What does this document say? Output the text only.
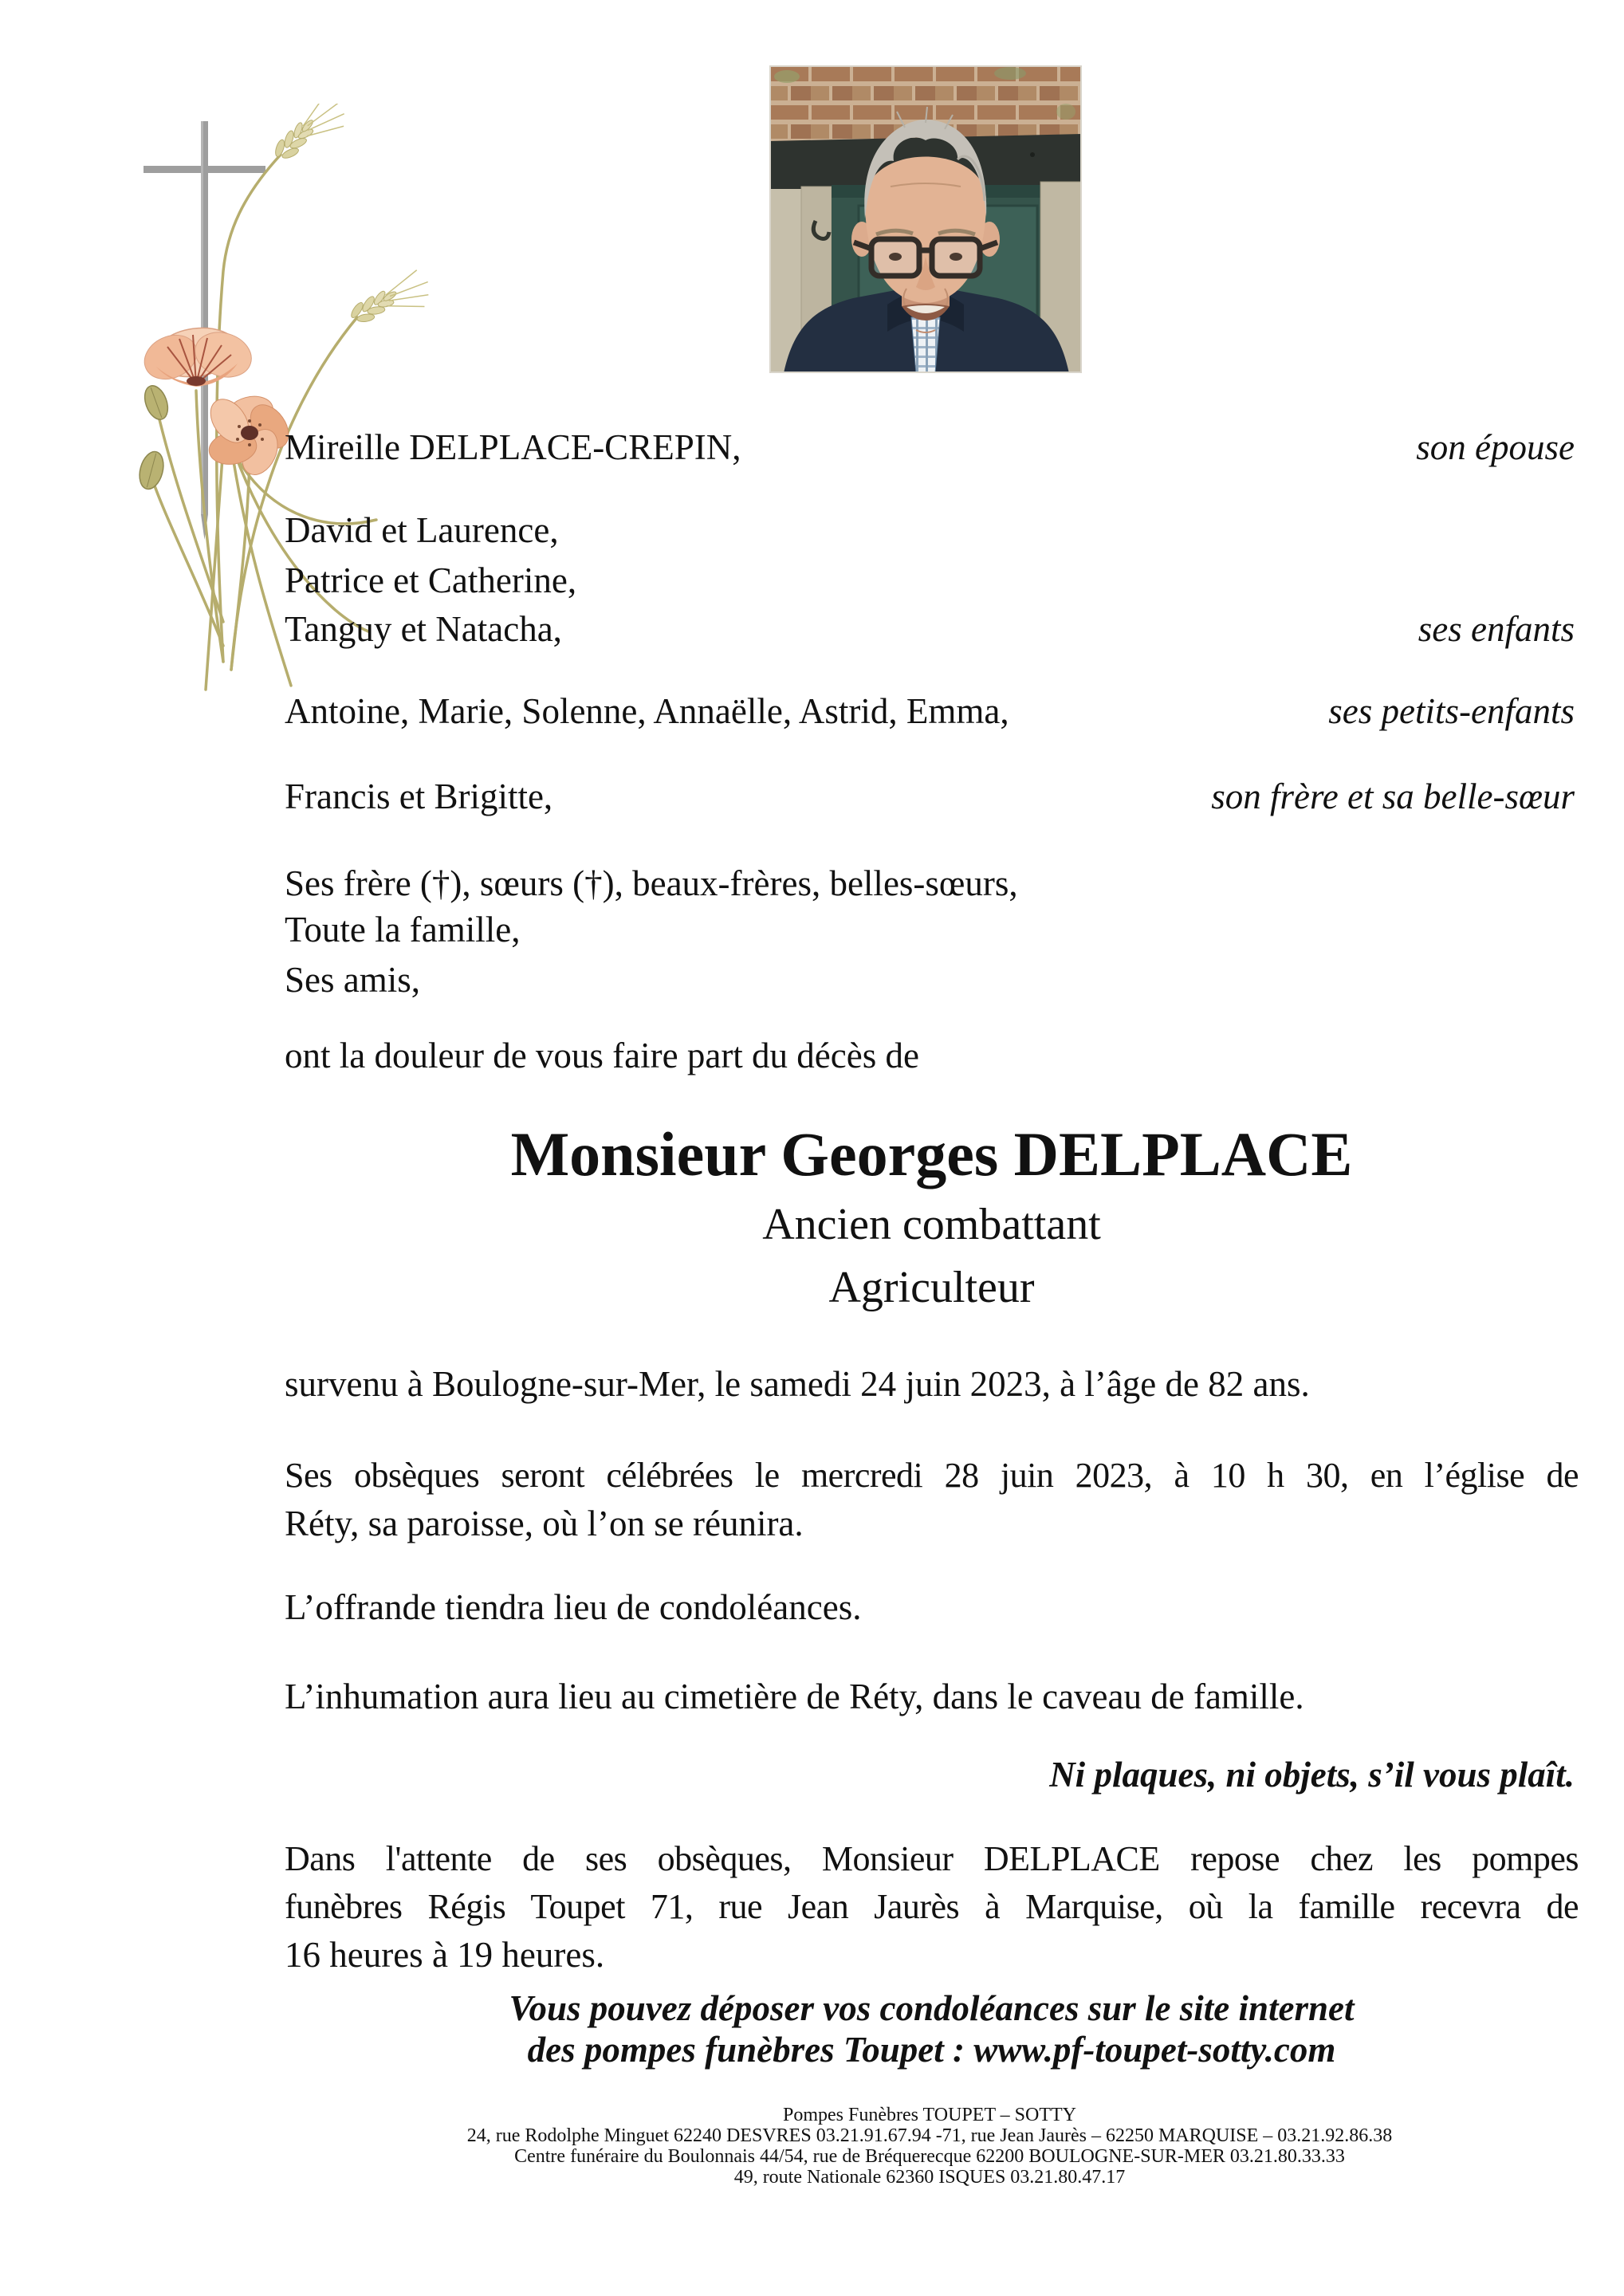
Mireille DELPLACE-CREPIN,	son épouse
David et Laurence,
Patrice et Catherine,
Tanguy et Natacha,	ses enfants
Antoine, Marie, Solenne, Annaëlle, Astrid, Emma,	ses petits-enfants
Francis et Brigitte,	son frère et sa belle-sœur
Ses frère (†), sœurs (†), beaux-frères, belles-sœurs,
Toute la famille,
Ses amis,
ont la douleur de vous faire part du décès de
Monsieur Georges DELPLACE
Ancien combattant
Agriculteur
survenu à Boulogne-sur-Mer, le samedi 24 juin 2023, à l’âge de 82 ans.
Ses obsèques seront célébrées le mercredi 28 juin 2023, à 10 h 30, en l’église de
Réty, sa paroisse, où l’on se réunira.
L’offrande tiendra lieu de condoléances.
L’inhumation aura lieu au cimetière de Réty, dans le caveau de famille.
Ni plaques, ni objets, s’il vous plaît.
Dans l'attente de ses obsèques, Monsieur DELPLACE repose chez les pompes
funèbres Régis Toupet 71, rue Jean Jaurès à Marquise, où la famille recevra de
16 heures à 19 heures.
Vous pouvez déposer vos condoléances sur le site internet
des pompes funèbres Toupet : www.pf-toupet-sotty.com
Pompes Funèbres TOUPET – SOTTY
24, rue Rodolphe Minguet 62240 DESVRES 03.21.91.67.94 -71, rue Jean Jaurès – 62250 MARQUISE – 03.21.92.86.38
Centre funéraire du Boulonnais 44/54, rue de Bréquerecque 62200 BOULOGNE-SUR-MER 03.21.80.33.33
49, route Nationale 62360 ISQUES 03.21.80.47.17
